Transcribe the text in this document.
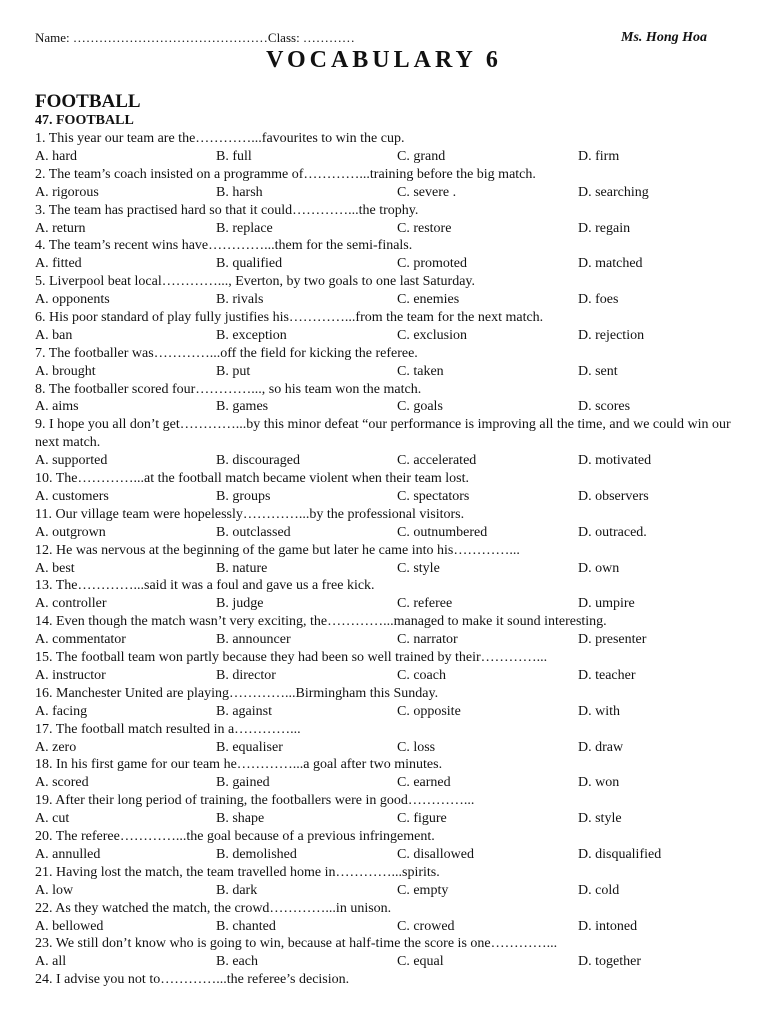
Name: ………………………………………Class: …………	Ms. Hong Hoa
VOCABULARY 6
FOOTBALL
47. FOOTBALL
1. This year our team are the…………...favourites to win the cup.
A. hard	B. full	C. grand	D. firm
2. The team’s coach insisted on a programme of…………...training before the big match.
A. rigorous	B. harsh	C. severe .	D. searching
3. The team has practised hard so that it could…………...the trophy.
A. return	B. replace	C. restore	D. regain
4. The team’s recent wins have…………...them for the semi-finals.
A. fitted	B. qualified	C. promoted	D. matched
5. Liverpool beat local…………..., Everton, by two goals to one last Saturday.
A. opponents	B. rivals	C. enemies	D. foes
6. His poor standard of play fully justifies his…………...from the team for the next match.
A. ban	B. exception	C. exclusion	D. rejection
7. The footballer was…………...off the field for kicking the referee.
A. brought	B. put	C. taken	D. sent
8. The footballer scored four…………..., so his team won the match.
A. aims	B. games	C. goals	D. scores
9. I hope you all don’t get…………...by this minor defeat “our performance is improving all the time, and we could win our next match.
A. supported	B. discouraged	C. accelerated	D. motivated
10. The…………...at the football match became violent when their team lost.
A. customers	B. groups	C. spectators	D. observers
11. Our village team were hopelessly…………...by the professional visitors.
A. outgrown	B. outclassed	C. outnumbered	D. outraced.
12. He was nervous at the beginning of the game but later he came into his…………...
A. best	B. nature	C. style	D. own
13. The…………...said it was a foul and gave us a free kick.
A. controller	B. judge	C. referee	D. umpire
14. Even though the match wasn’t very exciting, the…………...managed to make it sound interesting.
A. commentator	B. announcer	C. narrator	D. presenter
15. The football team won partly because they had been so well trained by their…………...
A. instructor	B. director	C. coach	D. teacher
16. Manchester United are playing…………...Birmingham this Sunday.
A. facing	B. against	C. opposite	D. with
17. The football match resulted in a…………...
A. zero	B. equaliser	C. loss	D. draw
18. In his first game for our team he…………...a goal after two minutes.
A. scored	B. gained	C. earned	D. won
19. After their long period of training, the footballers were in good…………...
A. cut	B. shape	C. figure	D. style
20. The referee…………...the goal because of a previous infringement.
A. annulled	B. demolished	C. disallowed	D. disqualified
21. Having lost the match, the team travelled home in…………...spirits.
A. low	B. dark	C. empty	D. cold
22. As they watched the match, the crowd…………...in unison.
A. bellowed	B. chanted	C. crowed	D. intoned
23. We still don’t know who is going to win, because at half-time the score is one…………...
A. all	B. each	C. equal	D. together
24. I advise you not to…………...the referee’s decision.
